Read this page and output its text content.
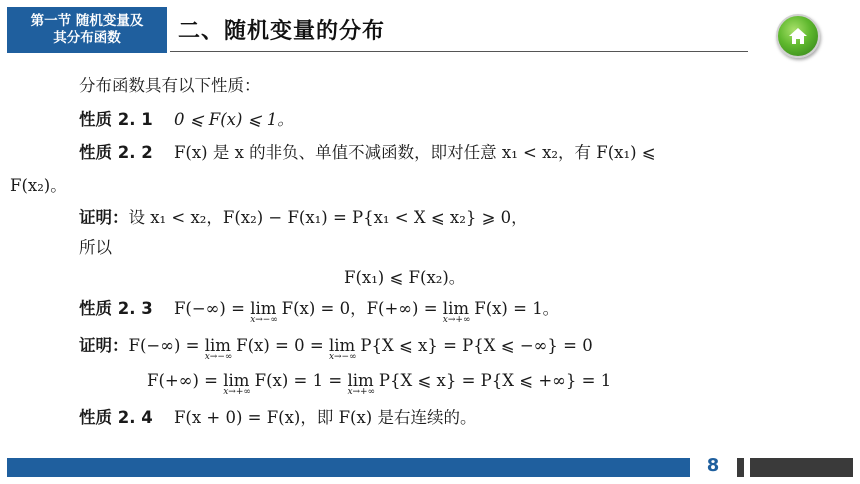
第一节 随机变量及
其分布函数	二、随机变量的分布
分布函数具有以下性质：
性质 2. 1 0 ⩽ F(x) ⩽ 1。
性质 2. 2 F(x) 是 x 的非负、单值不减函数，即对任意 x₁ < x₂，有 F(x₁) ⩽
F(x₂)。
证明：设 x₁ < x₂，F(x₂) − F(x₁) = P{x₁ < X ⩽ x₂} ⩾ 0，
所以
F(x₁) ⩽ F(x₂)。
性质 2. 3 F(−∞) = lim
x→−∞
F(x) = 0，F(+∞) = lim
x→+∞
F(x) = 1。
证明：F(−∞) = lim
x→−∞
F(x) = 0 = lim
x→−∞
P{X ⩽ x} = P{X ⩽ −∞} = 0
F(+∞) = lim
x→+∞
F(x) = 1 = lim
x→+∞
P{X ⩽ x} = P{X ⩽ +∞} = 1
性质 2. 4 F(x + 0) = F(x)，即 F(x) 是右连续的。
8
